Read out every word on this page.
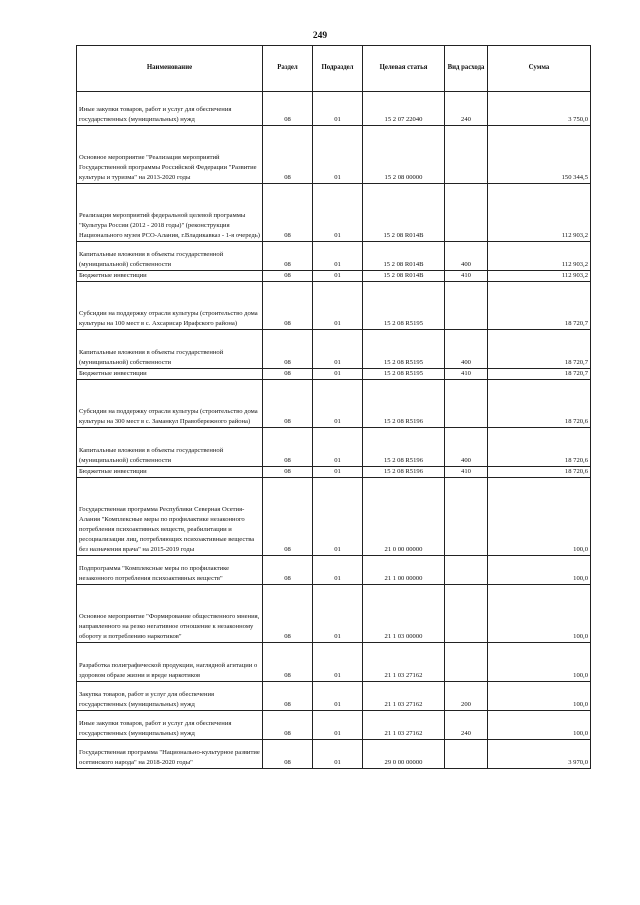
249
Наименование	Раздел	Подраздел	Целевая статья	Вид расхода	Сумма
Иные закупки товаров, работ и услуг для обеспечения государственных (муниципальных) нужд	08	01	15 2 07 22040	240	3 750,0
Основное мероприятие "Реализация мероприятий Государственной программы Российской Федерации "Развитие культуры и туризма" на 2013-2020 годы	08	01	15 2 08 00000		150 344,5
Реализация мероприятий федеральной целевой программы "Культура России (2012 - 2018 годы)" (реконструкция Национального музея РСО-Алания, г.Владикавказ - 1-я очередь)	08	01	15 2 08 R014B		112 903,2
Капитальные вложения в объекты государственной (муниципальной) собственности	08	01	15 2 08 R014B	400	112 903,2
Бюджетные инвестиции	08	01	15 2 08 R014B	410	112 903,2
Субсидии на поддержку отрасли культуры (строительство дома культуры на 100 мест в с. Ахсарисар Ирафского района)	08	01	15 2 08 R5195		18 720,7
Капитальные вложения в объекты государственной (муниципальной) собственности	08	01	15 2 08 R5195	400	18 720,7
Бюджетные инвестиции	08	01	15 2 08 R5195	410	18 720,7
Субсидии на поддержку отрасли культуры (строительство дома культуры на 300 мест в с. Заманкул Правобережного района)	08	01	15 2 08 R5196		18 720,6
Капитальные вложения в объекты государственной (муниципальной) собственности	08	01	15 2 08 R5196	400	18 720,6
Бюджетные инвестиции	08	01	15 2 08 R5196	410	18 720,6
Государственная программа Республики Северная Осетия-Алания "Комплексные меры по профилактике незаконного потребления психоактивных веществ, реабилитации и ресоциализации лиц, потребляющих психоактивные вещества без назначения врача" на 2015-2019 годы	08	01	21 0 00 00000		100,0
Подпрограмма "Комплексные меры по профилактике незаконного потребления психоактивных веществ"	08	01	21 1 00 00000		100,0
Основное мероприятие "Формирование общественного мнения, направленного на резко негативное отношение к незаконному обороту и потреблению наркотиков"	08	01	21 1 03 00000		100,0
Разработка полиграфической продукции, наглядной агитации о здоровом образе жизни и вреде наркотиков	08	01	21 1 03 27162		100,0
Закупка товаров, работ и услуг для обеспечения государственных (муниципальных) нужд	08	01	21 1 03 27162	200	100,0
Иные закупки товаров, работ и услуг для обеспечения государственных (муниципальных) нужд	08	01	21 1 03 27162	240	100,0
Государственная программа "Национально-культурное развитие осетинского народа" на 2018-2020 годы"	08	01	29 0 00 00000		3 970,0
